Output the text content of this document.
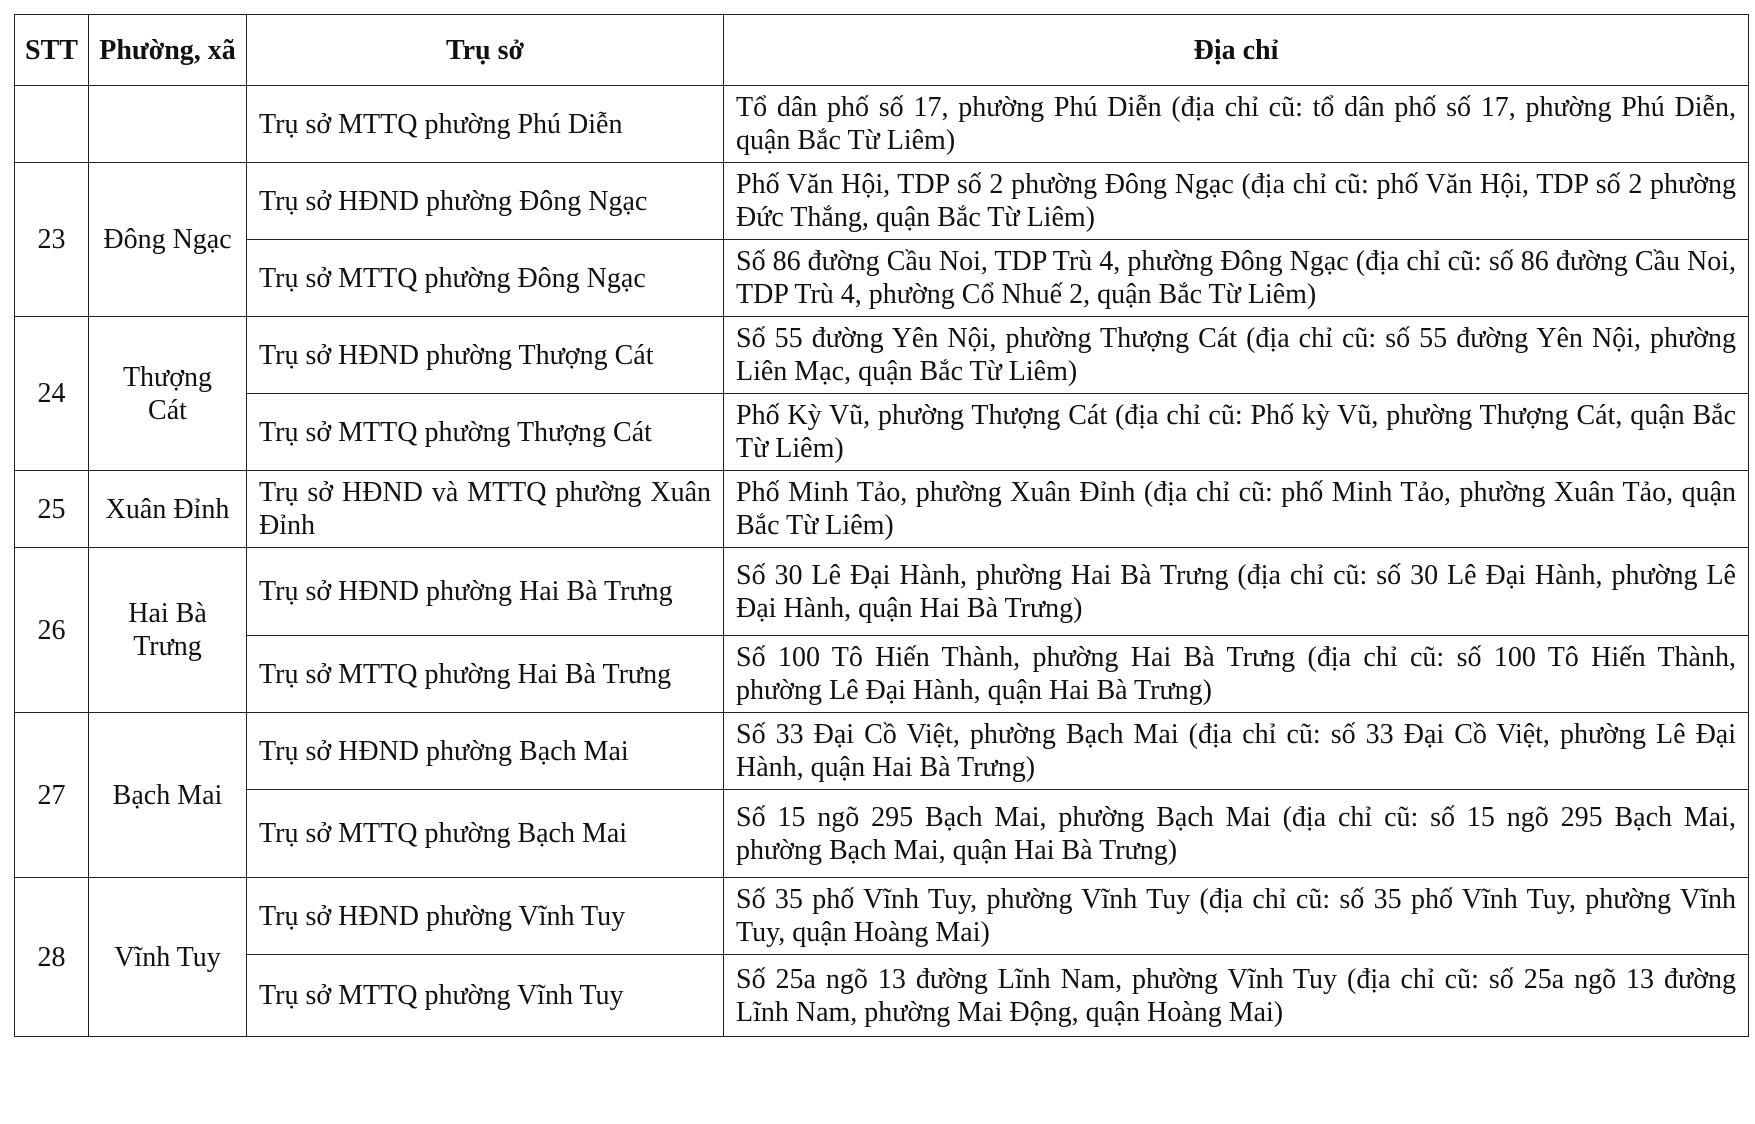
STT	Phường, xã	Trụ sở	Địa chỉ
		Trụ sở MTTQ phường Phú Diễn	Tổ dân phố số 17, phường Phú Diễn (địa chỉ cũ: tổ dân phố số 17, phường Phú Diễn, quận Bắc Từ Liêm)
23	Đông Ngạc	Trụ sở HĐND phường Đông Ngạc	Phố Văn Hội, TDP số 2 phường Đông Ngạc (địa chỉ cũ: phố Văn Hội, TDP số 2 phường Đức Thắng, quận Bắc Từ Liêm)
		Trụ sở MTTQ phường Đông Ngạc	Số 86 đường Cầu Noi, TDP Trù 4, phường Đông Ngạc (địa chỉ cũ: số 86 đường Cầu Noi, TDP Trù 4, phường Cổ Nhuế 2, quận Bắc Từ Liêm)
24	Thượng Cát	Trụ sở HĐND phường Thượng Cát	Số 55 đường Yên Nội, phường Thượng Cát (địa chỉ cũ: số 55 đường Yên Nội, phường Liên Mạc, quận Bắc Từ Liêm)
		Trụ sở MTTQ phường Thượng Cát	Phố Kỳ Vũ, phường Thượng Cát (địa chỉ cũ: Phố kỳ Vũ, phường Thượng Cát, quận Bắc Từ Liêm)
25	Xuân Đỉnh	Trụ sở HĐND và MTTQ phường Xuân Đỉnh	Phố Minh Tảo, phường Xuân Đỉnh (địa chỉ cũ: phố Minh Tảo, phường Xuân Tảo, quận Bắc Từ Liêm)
26	Hai Bà Trưng	Trụ sở HĐND phường Hai Bà Trưng	Số 30 Lê Đại Hành, phường Hai Bà Trưng (địa chỉ cũ: số 30 Lê Đại Hành, phường Lê Đại Hành, quận Hai Bà Trưng)
		Trụ sở MTTQ phường Hai Bà Trưng	Số 100 Tô Hiến Thành, phường Hai Bà Trưng (địa chỉ cũ: số 100 Tô Hiến Thành, phường Lê Đại Hành, quận Hai Bà Trưng)
27	Bạch Mai	Trụ sở HĐND phường Bạch Mai	Số 33 Đại Cồ Việt, phường Bạch Mai (địa chỉ cũ: số 33 Đại Cồ Việt, phường Lê Đại Hành, quận Hai Bà Trưng)
		Trụ sở MTTQ phường Bạch Mai	Số 15 ngõ 295 Bạch Mai, phường Bạch Mai (địa chỉ cũ: số 15 ngõ 295 Bạch Mai, phường Bạch Mai, quận Hai Bà Trưng)
28	Vĩnh Tuy	Trụ sở HĐND phường Vĩnh Tuy	Số 35 phố Vĩnh Tuy, phường Vĩnh Tuy (địa chỉ cũ: số 35 phố Vĩnh Tuy, phường Vĩnh Tuy, quận Hoàng Mai)
		Trụ sở MTTQ phường Vĩnh Tuy	Số 25a ngõ 13 đường Lĩnh Nam, phường Vĩnh Tuy (địa chỉ cũ: số 25a ngõ 13 đường Lĩnh Nam, phường Mai Động, quận Hoàng Mai)
